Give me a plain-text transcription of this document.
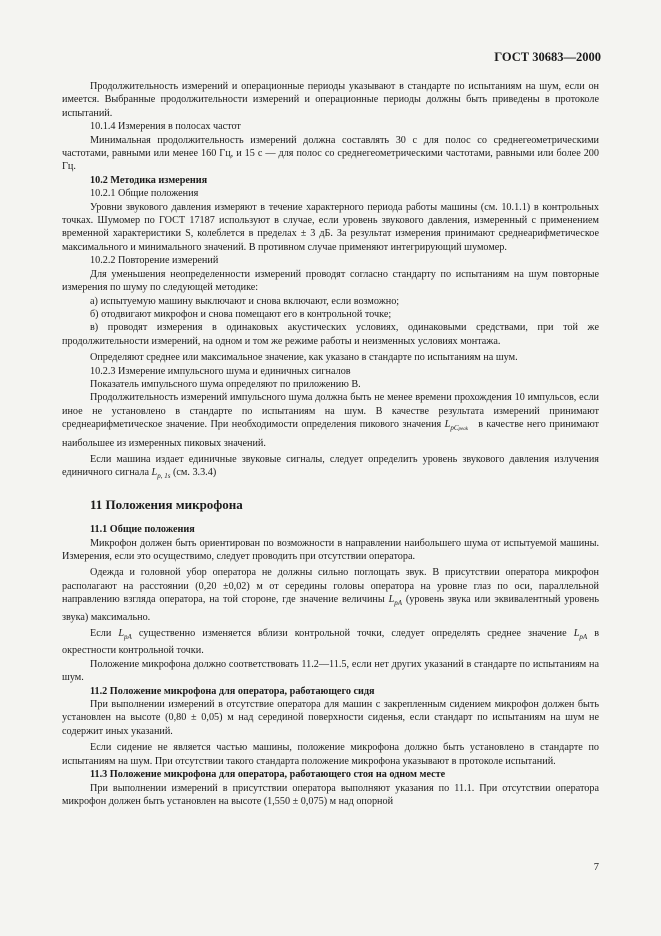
ГОСТ 30683—2000

Продолжительность измерений и операционные периоды указывают в стандарте по испытаниям на шум, если он имеется. Выбранные продолжительности измерений и операционные периоды должны быть приведены в протоколе испытаний.

10.1.4 Измерения в полосах частот

Минимальная продолжительность измерений должна составлять 30 с для полос со среднегеометрическими частотами, равными или менее 160 Гц, и 15 с — для полос со среднегеометрическими частотами, равными или более 200 Гц.

10.2 Методика измерения

10.2.1 Общие положения

Уровни звукового давления измеряют в течение характерного периода работы машины (см. 10.1.1) в контрольных точках. Шумомер по ГОСТ 17187 используют в случае, если уровень звукового давления, измеренный с применением временной характеристики S, колеблется в пределах ± 3 дБ. За результат измерения принимают среднеарифметическое максимального и минимального значений. В противном случае применяют интегрирующий шумомер.

10.2.2 Повторение измерений

Для уменьшения неопределенности измерений проводят согласно стандарту по испытаниям на шум повторные измерения по шуму по следующей методике:

а) испытуемую машину выключают и снова включают, если возможно;

б) отодвигают микрофон и снова помещают его в контрольной точке;

в) проводят измерения в одинаковых акустических условиях, одинаковыми средствами, при той же продолжительности измерений, на одном и том же режиме работы и неизменных условиях монтажа.

Определяют среднее или максимальное значение, как указано в стандарте по испытаниям на шум.

10.2.3 Измерение импульсного шума и единичных сигналов

Показатель импульсного шума определяют по приложению В.

Продолжительность измерений импульсного шума должна быть не менее времени прохождения 10 импульсов, если иное не установлено в стандарте по испытаниям на шум. В качестве результата измерений принимают среднеарифметическое значение. При необходимости определения пикового значения $L_{pCpeak}$ в качестве него принимают наибольшее из измеренных пиковых значений.

Если машина издает единичные звуковые сигналы, следует определить уровень звукового давления излучения единичного сигнала $L_{p, 1s}$ (см. 3.3.4)

11 Положения микрофона

11.1 Общие положения

Микрофон должен быть ориентирован по возможности в направлении наибольшего шума от испытуемой машины. Измерения, если это осуществимо, следует проводить при отсутствии оператора.

Одежда и головной убор оператора не должны сильно поглощать звук. В присутствии оператора микрофон располагают на расстоянии (0,20 ±0,02) м от середины головы оператора на уровне глаз по оси, параллельной направлению взгляда оператора, на той стороне, где значение величины $L_{pA}$ (уровень звука или эквивалентный уровень звука) максимально.

Если $L_{pA}$ существенно изменяется вблизи контрольной точки, следует определять среднее значение $L_{pA}$ в окрестности контрольной точки.

Положение микрофона должно соответствовать 11.2—11.5, если нет других указаний в стандарте по испытаниям на шум.

11.2 Положение микрофона для оператора, работающего сидя

При выполнении измерений в отсутствие оператора для машин с закрепленным сидением микрофон должен быть установлен на высоте (0,80 ± 0,05) м над серединой поверхности сиденья, если стандарт по испытаниям на шум не содержит иных указаний.

Если сидение не является частью машины, положение микрофона должно быть установлено в стандарте по испытаниям на шум. При отсутствии такого стандарта положение микрофона указывают в протоколе испытаний.

11.3 Положение микрофона для оператора, работающего стоя на одном месте

При выполнении измерений в присутствии оператора выполняют указания по 11.1. При отсутствии оператора микрофон должен быть установлен на высоте (1,550 ± 0,075) м над опорной

7
